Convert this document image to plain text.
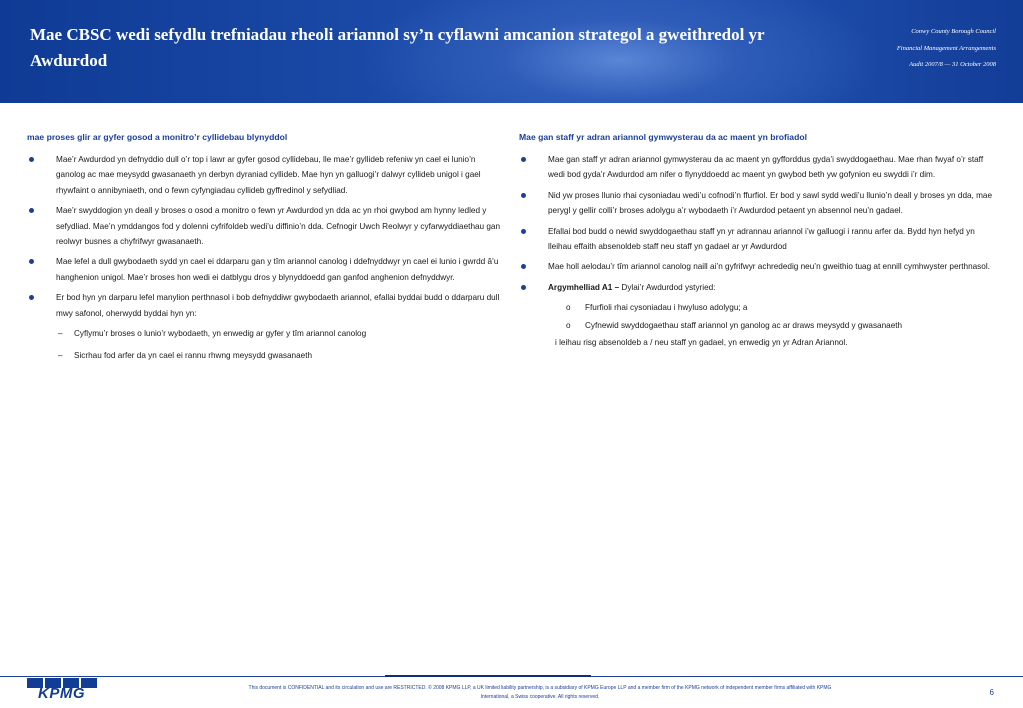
Mae CBSC wedi sefydlu trefniadau rheoli ariannol sy’n cyflawni amcanion strategol a gweithredol yr Awdurdod
Conwy County Borough Council
Financial Management Arrangements
Audit 2007/8 — 31 October 2008
mae proses glir ar gyfer gosod a monitro’r cyllidebau blynyddol
Mae’r Awdurdod yn defnyddio dull o’r top i lawr ar gyfer gosod cyllidebau, lle mae’r gyllideb refeniw yn cael ei lunio’n ganolog ac mae meysydd gwasanaeth yn derbyn dyraniad cyllideb. Mae hyn yn galluogi’r dalwyr cyllideb unigol i gael rhywfaint o annibyniaeth, ond o fewn cyfyngiadau cyllideb gyffredinol y sefydliad.
Mae’r swyddogion yn deall y broses o osod a monitro o fewn yr Awdurdod yn dda ac yn rhoi gwybod am hynny ledled y sefydliad. Mae’n ymddangos fod y dolenni cyfrifoldeb wedi’u diffinio’n dda. Cefnogir Uwch Reolwyr y cyfarwyddiaethau gan reolwyr busnes a chyfrifwyr gwasanaeth.
Mae lefel a dull gwybodaeth sydd yn cael ei ddarparu gan y tîm ariannol canolog i ddefnyddwyr yn cael ei lunio i gwrdd â’u hanghenion unigol. Mae’r broses hon wedi ei datblygu dros y blynyddoedd gan ganfod anghenion defnyddwyr.
Er bod hyn yn darparu lefel manylion perthnasol i bob defnyddiwr gwybodaeth ariannol, efallai byddai budd o ddarparu dull mwy safonol, oherwydd byddai hyn yn:
– Cyflymu’r broses o lunio’r wybodaeth, yn enwedig ar gyfer y tîm ariannol canolog
– Sicrhau fod arfer da yn cael ei rannu rhwng meysydd gwasanaeth
Mae gan staff yr adran ariannol gymwysterau da ac maent yn brofiadol
Mae gan staff yr adran ariannol gymwysterau da ac maent yn gyfforddus gyda’i swyddogaethau. Mae rhan fwyaf o’r staff wedi bod gyda’r Awdurdod am nifer o flynyddoedd ac maent yn gwybod beth yw gofynion eu swyddi i’r dim.
Nid yw proses llunio rhai cysoniadau wedi’u cofnodi’n ffurfiol. Er bod y sawl sydd wedi’u llunio’n deall y broses yn dda, mae perygl y gellir colli’r broses adolygu a’r wybodaeth i’r Awdurdod petaent yn absennol neu’n gadael.
Efallai bod budd o newid swyddogaethau staff yn yr adrannau ariannol i’w galluogi i rannu arfer da. Bydd hyn hefyd yn lleihau effaith absenoldeb staff neu staff yn gadael ar yr Awdurdod
Mae holl aelodau’r tîm ariannol canolog naill ai’n gyfrifwyr achrededig neu’n gweithio tuag at ennill cymhwyster perthnasol.
Argymhelliad A1 – Dylai’r Awdurdod ystyried:
o Ffurfioli rhai cysoniadau i hwyluso adolygu; a
o Cyfnewid swyddogaethau staff ariannol yn ganolog ac ar draws meysydd y gwasanaeth
i leihau risg absenoldeb a / neu staff yn gadael, yn enwedig yn yr Adran Ariannol.
KPMG	This document is CONFIDENTIAL and its circulation and use are RESTRICTED. © 2008 KPMG LLP, a UK limited liability partnership, is a subsidiary of KPMG Europe LLP and a member firm of the KPMG network of independent member firms affiliated with KPMG
International, a Swiss cooperative. All rights reserved.	6
